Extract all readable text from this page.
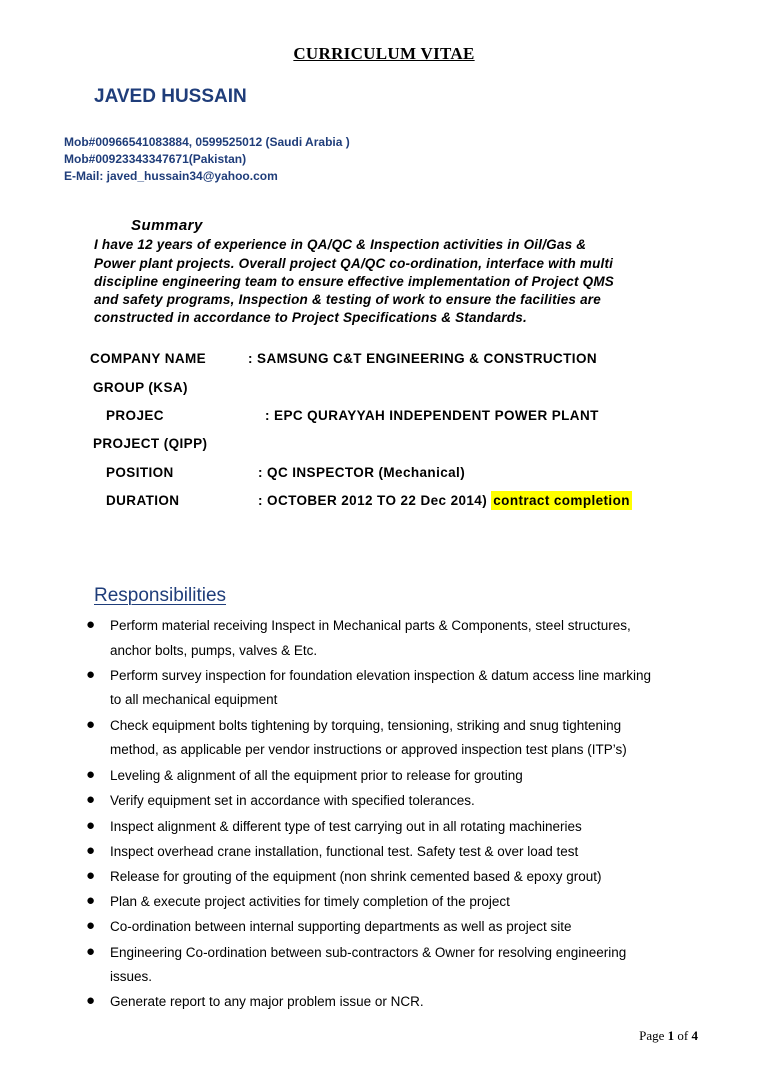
CURRICULUM VITAE
JAVED HUSSAIN
Mob#00966541083884, 0599525012 (Saudi Arabia )
Mob#00923343347671(Pakistan)
E-Mail: javed_hussain34@yahoo.com
Summary
I have 12 years of experience in QA/QC & Inspection activities in Oil/Gas &
Power plant projects. Overall project QA/QC co-ordination, interface with multi
discipline engineering team to ensure effective implementation of Project QMS
and safety programs, Inspection & testing of work to ensure the facilities are
constructed in accordance to Project Specifications & Standards.
COMPANY NAME	: SAMSUNG C&T ENGINEERING & CONSTRUCTION
GROUP (KSA)
PROJEC	: EPC QURAYYAH INDEPENDENT POWER PLANT
PROJECT (QIPP)
POSITION	: QC INSPECTOR (Mechanical)
DURATION	: OCTOBER 2012 TO 22 Dec 2014) contract completion
Responsibilities
● Perform material receiving Inspect in Mechanical parts & Components, steel structures,
anchor bolts, pumps, valves & Etc.
● Perform survey inspection for foundation elevation inspection & datum access line marking
to all mechanical equipment
● Check equipment bolts tightening by torquing, tensioning, striking and snug tightening
method, as applicable per vendor instructions or approved inspection test plans (ITP’s)
● Leveling & alignment of all the equipment prior to release for grouting
● Verify equipment set in accordance with specified tolerances.
● Inspect alignment & different type of test carrying out in all rotating machineries
● Inspect overhead crane installation, functional test. Safety test & over load test
● Release for grouting of the equipment (non shrink cemented based & epoxy grout)
● Plan & execute project activities for timely completion of the project
● Co-ordination between internal supporting departments as well as project site
● Engineering Co-ordination between sub-contractors & Owner for resolving engineering
issues.
● Generate report to any major problem issue or NCR.
Page 1 of 4
